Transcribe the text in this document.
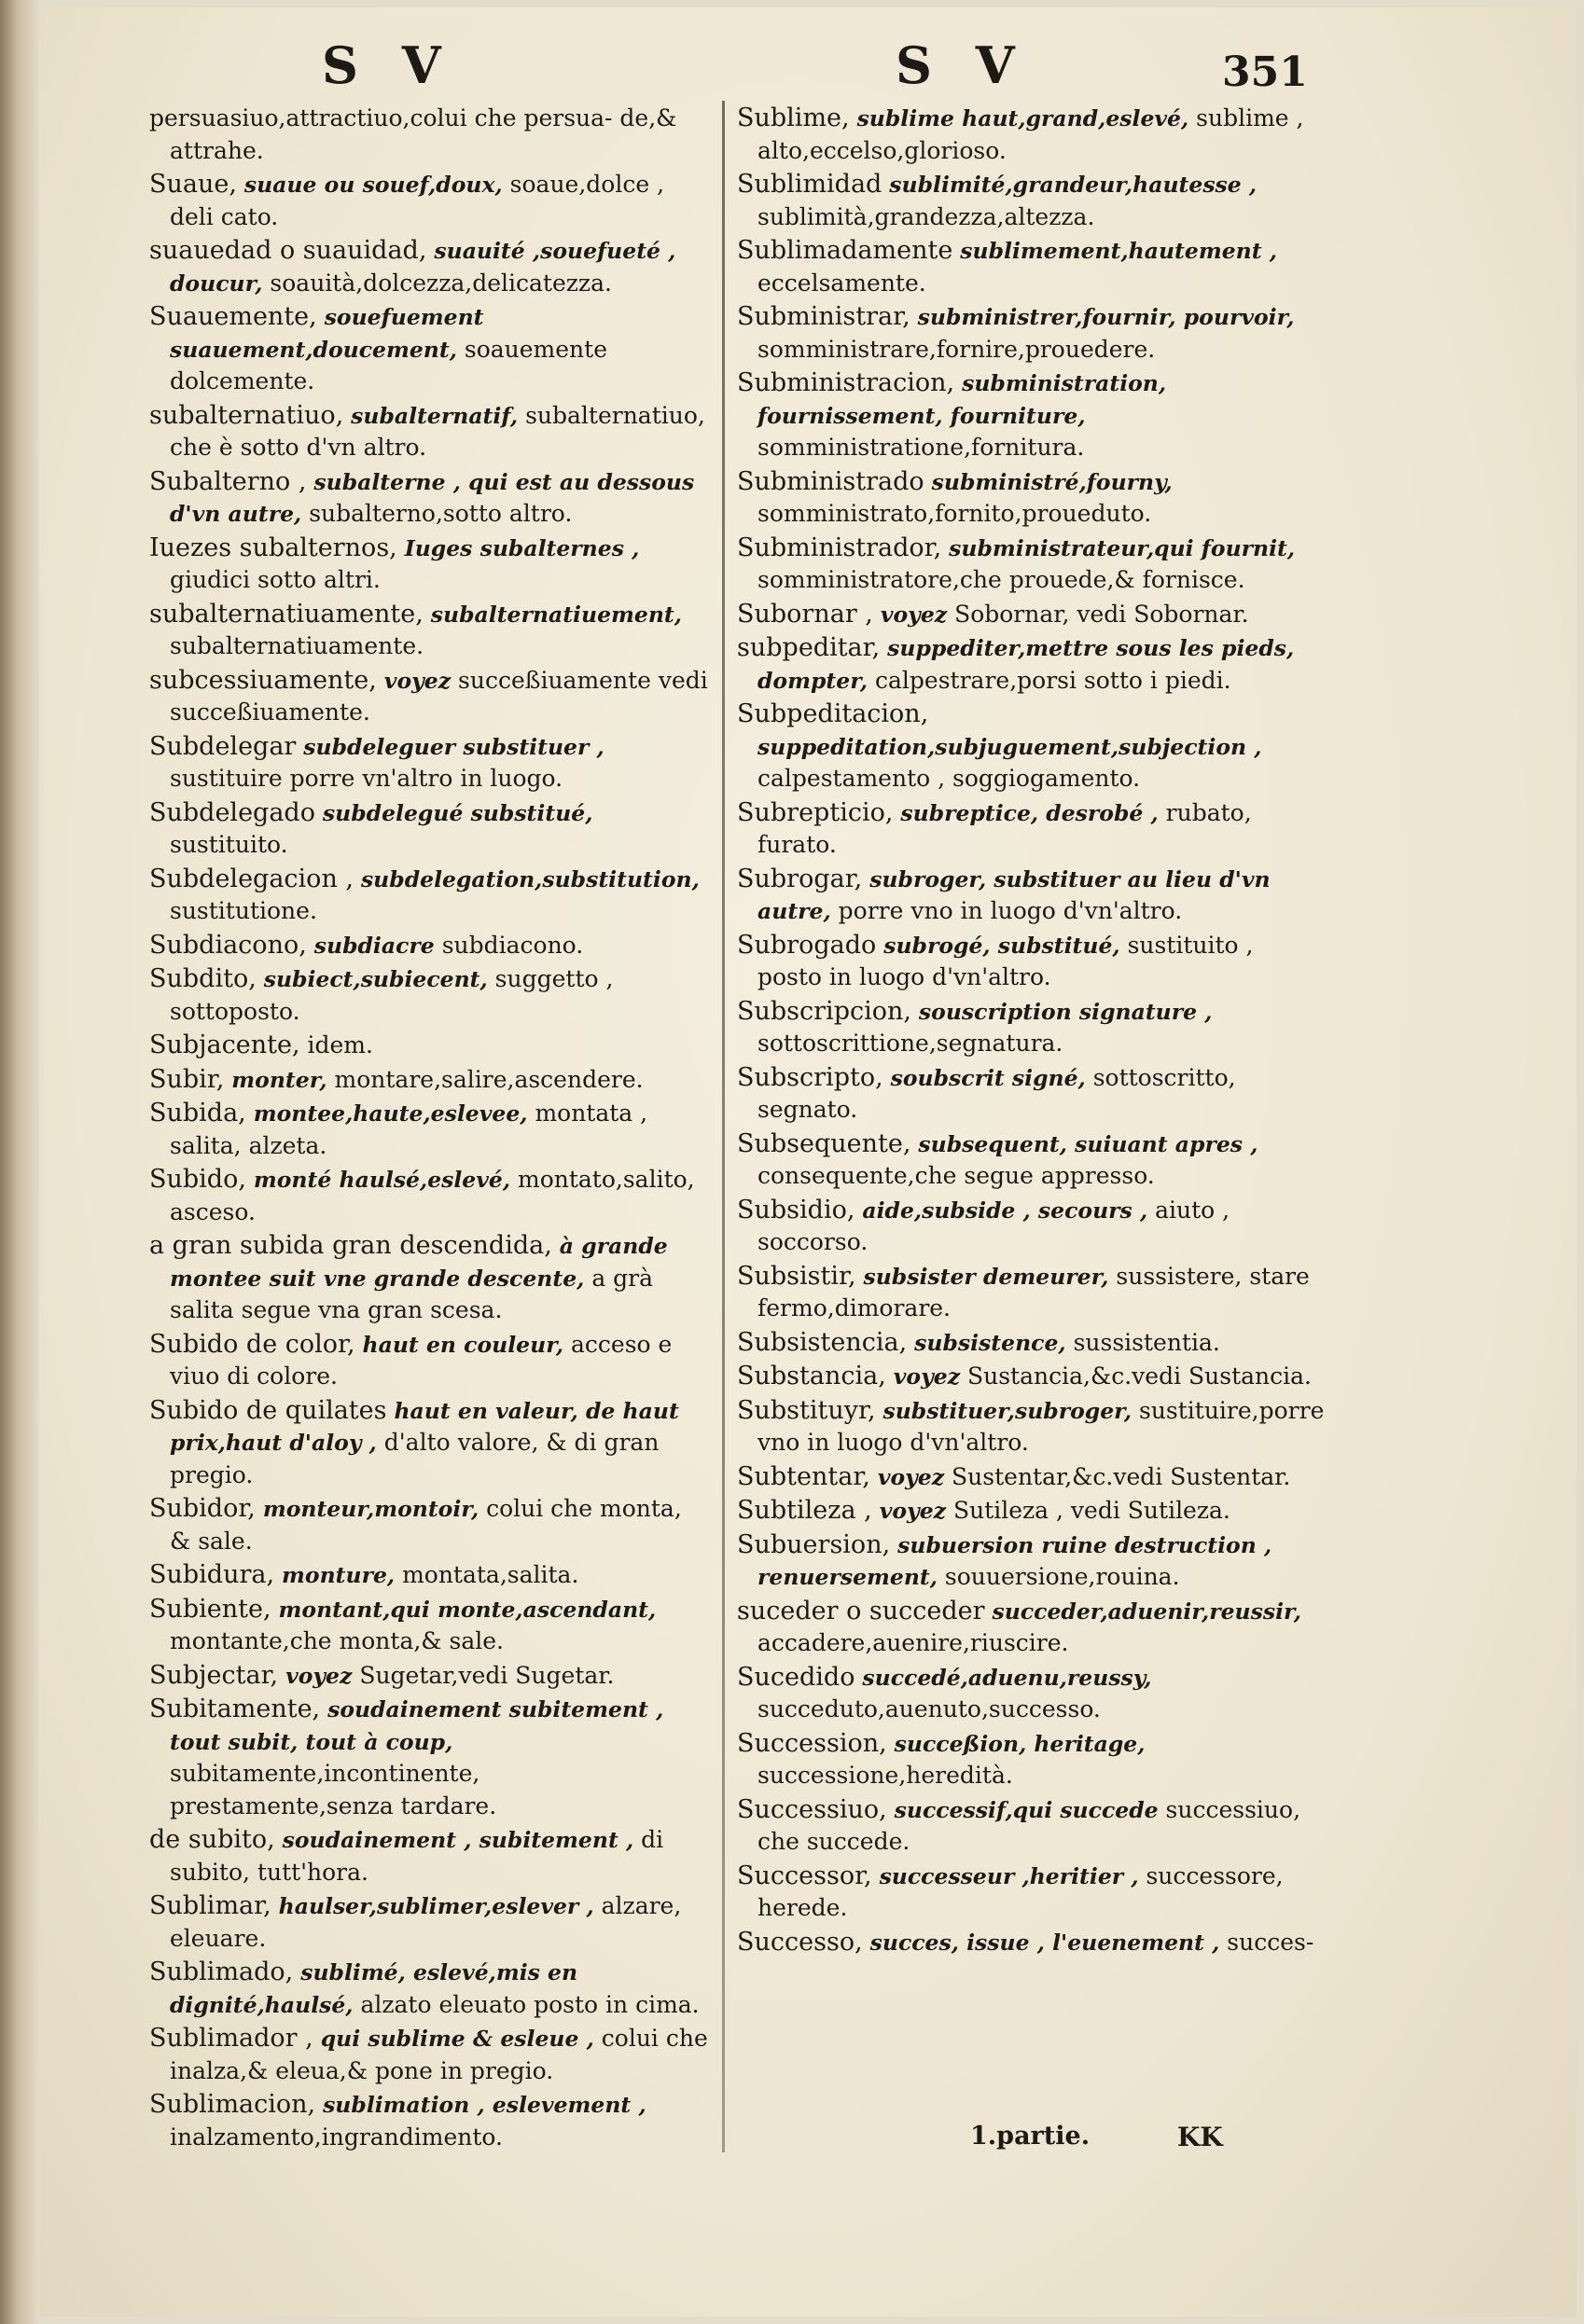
S V	S V	351

persuasiuo,attractiuo,colui che persua- de,& attrahe.

Suaue, suaue ou souef,doux, soaue,dolce , deli cato.

suauedad o suauidad, suauité ,souefueté , doucur, soauità,dolcezza,delicatezza.

Suauemente, souefuement suauement,doucement, soauemente dolcemente.

subalternatiuo, subalternatif, subalternatiuo, che è sotto d'vn altro.

Subalterno , subalterne , qui est au dessous d'vn autre, subalterno,sotto altro.

Iuezes subalternos, Iuges subalternes , giudici sotto altri.

subalternatiuamente, subalternatiuement, subalternatiuamente.

subcessiuamente, voyez succeßiuamente vedi succeßiuamente.

Subdelegar subdeleguer substituer , sustituire porre vn'altro in luogo.

Subdelegado subdelegué substitué, sustituito.

Subdelegacion , subdelegation,substitution, sustitutione.

Subdiacono, subdiacre subdiacono.

Subdito, subiect,subiecent, suggetto , sottoposto.

Subjacente, idem.

Subir, monter, montare,salire,ascendere.

Subida, montee,haute,eslevee, montata , salita, alzeta.

Subido, monté haulsé,eslevé, montato,salito, asceso.

a gran subida gran descendida, à grande montee suit vne grande descente, a grà salita segue vna gran scesa.

Subido de color, haut en couleur, acceso e viuo di colore.

Subido de quilates haut en valeur, de haut prix,haut d'aloy , d'alto valore, & di gran pregio.

Subidor, monteur,montoir, colui che monta, & sale.

Subidura, monture, montata,salita.

Subiente, montant,qui monte,ascendant, montante,che monta,& sale.

Subjectar, voyez Sugetar,vedi Sugetar.

Subitamente, soudainement subitement , tout subit, tout à coup, subitamente,incontinente, prestamente,senza tardare.

de subito, soudainement , subitement , di subito, tutt'hora.

Sublimar, haulser,sublimer,eslever , alzare, eleuare.

Sublimado, sublimé, eslevé,mis en dignité,haulsé, alzato eleuato posto in cima.

Sublimador , qui sublime & esleue , colui che inalza,& eleua,& pone in pregio.

Sublimacion, sublimation , eslevement , inalzamento,ingrandimento.

Sublime, sublime haut,grand,eslevé, sublime , alto,eccelso,glorioso.

Sublimidad sublimité,grandeur,hautesse , sublimità,grandezza,altezza.

Sublimadamente sublimement,hautement , eccelsamente.

Subministrar, subministrer,fournir, pourvoir, somministrare,fornire,prouedere.

Subministracion, subministration, fournissement, fourniture, somministratione,fornitura.

Subministrado subministré,fourny, somministrato,fornito,proueduto.

Subministrador, subministrateur,qui fournit, somministratore,che prouede,& fornisce.

Subornar , voyez Sobornar, vedi Sobornar.

subpeditar, suppediter,mettre sous les pieds, dompter, calpestrare,porsi sotto i piedi.

Subpeditacion, suppeditation,subjuguement,subjection , calpestamento , soggiogamento.

Subrepticio, subreptice, desrobé , rubato, furato.

Subrogar, subroger, substituer au lieu d'vn autre, porre vno in luogo d'vn'altro.

Subrogado subrogé, substitué, sustituito , posto in luogo d'vn'altro.

Subscripcion, souscription signature , sottoscrittione,segnatura.

Subscripto, soubscrit signé, sottoscritto, segnato.

Subsequente, subsequent, suiuant apres , consequente,che segue appresso.

Subsidio, aide,subside , secours , aiuto , soccorso.

Subsistir, subsister demeurer, sussistere, stare fermo,dimorare.

Subsistencia, subsistence, sussistentia.

Substancia, voyez Sustancia,&c.vedi Sustancia.

Substituyr, substituer,subroger, sustituire,porre vno in luogo d'vn'altro.

Subtentar, voyez Sustentar,&c.vedi Sustentar.

Subtileza , voyez Sutileza , vedi Sutileza.

Subuersion, subuersion ruine destruction , renuersement, souuersione,rouina.

suceder o succeder succeder,aduenir,reussir, accadere,auenire,riuscire.

Sucedido succedé,aduenu,reussy, succeduto,auenuto,successo.

Succession, succeßion, heritage, successione,heredità.

Successiuo, successif,qui succede successiuo, che succede.

Successor, successeur ,heritier , successore, herede.

Successo, succes, issue , l'euenement , succes-

1.partie.	KK
